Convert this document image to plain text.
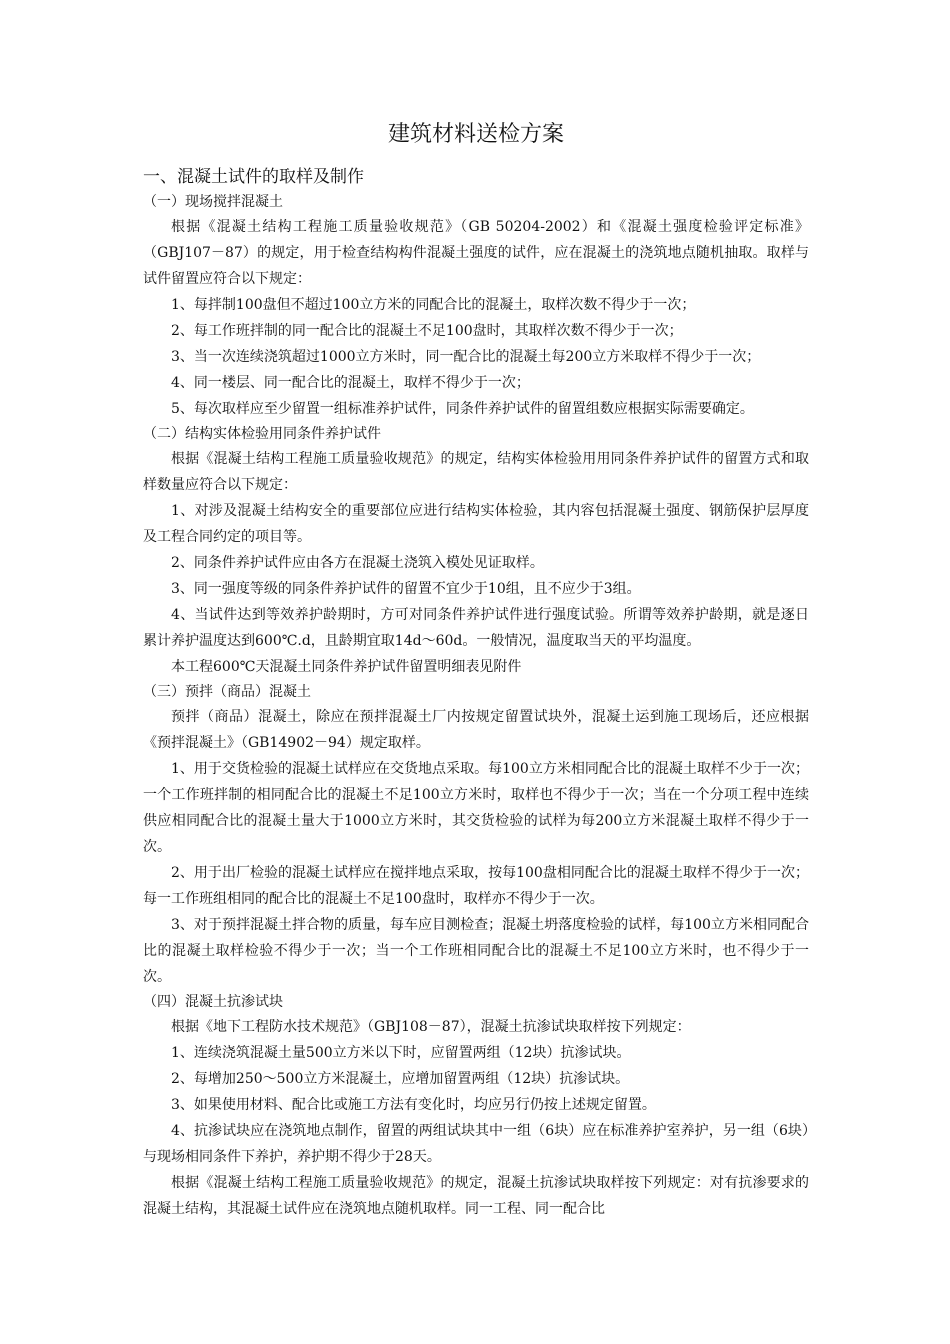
建筑材料送检方案
一、混凝土试件的取样及制作
（一）现场搅拌混凝土

根据《混凝土结构工程施工质量验收规范》（GB 50204-2002）和《混凝土强度检验评定标准》（GBJ107－87）的规定，用于检查结构构件混凝土强度的试件，应在混凝土的浇筑地点随机抽取。取样与试件留置应符合以下规定：

1、每拌制100盘但不超过100立方米的同配合比的混凝土，取样次数不得少于一次；

2、每工作班拌制的同一配合比的混凝土不足100盘时，其取样次数不得少于一次；

3、当一次连续浇筑超过1000立方米时，同一配合比的混凝土每200立方米取样不得少于一次；

4、同一楼层、同一配合比的混凝土，取样不得少于一次；

5、每次取样应至少留置一组标准养护试件，同条件养护试件的留置组数应根据实际需要确定。

（二）结构实体检验用同条件养护试件

根据《混凝土结构工程施工质量验收规范》的规定，结构实体检验用用同条件养护试件的留置方式和取样数量应符合以下规定：

1、对涉及混凝土结构安全的重要部位应进行结构实体检验，其内容包括混凝土强度、钢筋保护层厚度及工程合同约定的项目等。

2、同条件养护试件应由各方在混凝土浇筑入模处见证取样。

3、同一强度等级的同条件养护试件的留置不宜少于10组，且不应少于3组。

4、当试件达到等效养护龄期时，方可对同条件养护试件进行强度试验。所谓等效养护龄期，就是逐日累计养护温度达到600℃.d，且龄期宜取14d～60d。一般情况，温度取当天的平均温度。

本工程600℃天混凝土同条件养护试件留置明细表见附件

（三）预拌（商品）混凝土

预拌（商品）混凝土，除应在预拌混凝土厂内按规定留置试块外，混凝土运到施工现场后，还应根据《预拌混凝土》（GB14902－94）规定取样。

1、用于交货检验的混凝土试样应在交货地点采取。每100立方米相同配合比的混凝土取样不少于一次；一个工作班拌制的相同配合比的混凝土不足100立方米时，取样也不得少于一次；当在一个分项工程中连续供应相同配合比的混凝土量大于1000立方米时，其交货检验的试样为每200立方米混凝土取样不得少于一次。

2、用于出厂检验的混凝土试样应在搅拌地点采取，按每100盘相同配合比的混凝土取样不得少于一次；每一工作班组相同的配合比的混凝土不足100盘时，取样亦不得少于一次。

3、对于预拌混凝土拌合物的质量，每车应目测检查；混凝土坍落度检验的试样，每100立方米相同配合比的混凝土取样检验不得少于一次；当一个工作班相同配合比的混凝土不足100立方米时，也不得少于一次。

（四）混凝土抗渗试块

根据《地下工程防水技术规范》（GBJ108－87），混凝土抗渗试块取样按下列规定：

1、连续浇筑混凝土量500立方米以下时，应留置两组（12块）抗渗试块。

2、每增加250～500立方米混凝土，应增加留置两组（12块）抗渗试块。

3、如果使用材料、配合比或施工方法有变化时，均应另行仍按上述规定留置。

4、抗渗试块应在浇筑地点制作，留置的两组试块其中一组（6块）应在标准养护室养护，另一组（6块）与现场相同条件下养护，养护期不得少于28天。

根据《混凝土结构工程施工质量验收规范》的规定，混凝土抗渗试块取样按下列规定：对有抗渗要求的混凝土结构，其混凝土试件应在浇筑地点随机取样。同一工程、同一配合比
